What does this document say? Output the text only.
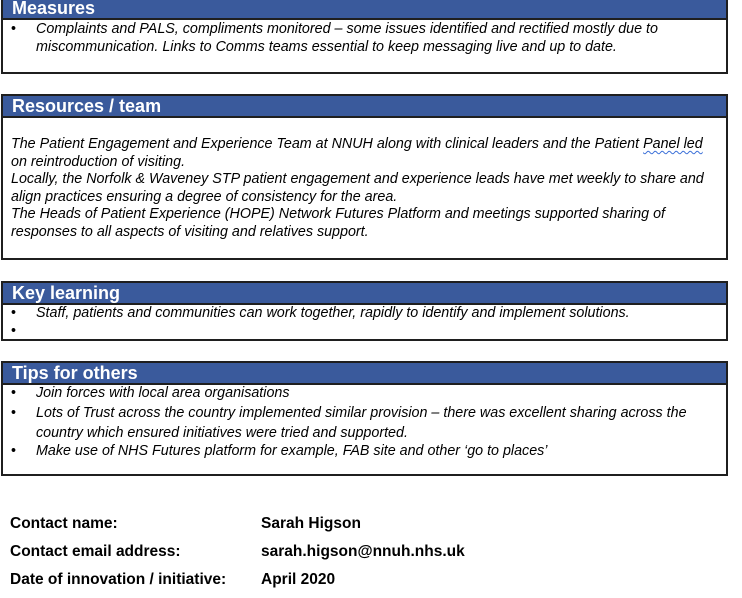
Measures
• Complaints and PALS, compliments monitored – some issues identified and rectified mostly due to miscommunication. Links to Comms teams essential to keep messaging live and up to date.
Resources / team

The Patient Engagement and Experience Team at NNUH along with clinical leaders and the Patient Panel led on reintroduction of visiting.

Locally, the Norfolk & Waveney STP patient engagement and experience leads have met weekly to share and align practices ensuring a degree of consistency for the area.

The Heads of Patient Experience (HOPE) Network Futures Platform and meetings supported sharing of responses to all aspects of visiting and relatives support.

Key learning
• Staff, patients and communities can work together, rapidly to identify and implement solutions.
•
Tips for others
• Join forces with local area organisations
• Lots of Trust across the country implemented similar provision – there was excellent sharing across the country which ensured initiatives were tried and supported.
• Make use of NHS Futures platform for example, FAB site and other ‘go to places’
Contact name:	Sarah Higson
Contact email address:	sarah.higson@nnuh.nhs.uk
Date of innovation / initiative:	April 2020
